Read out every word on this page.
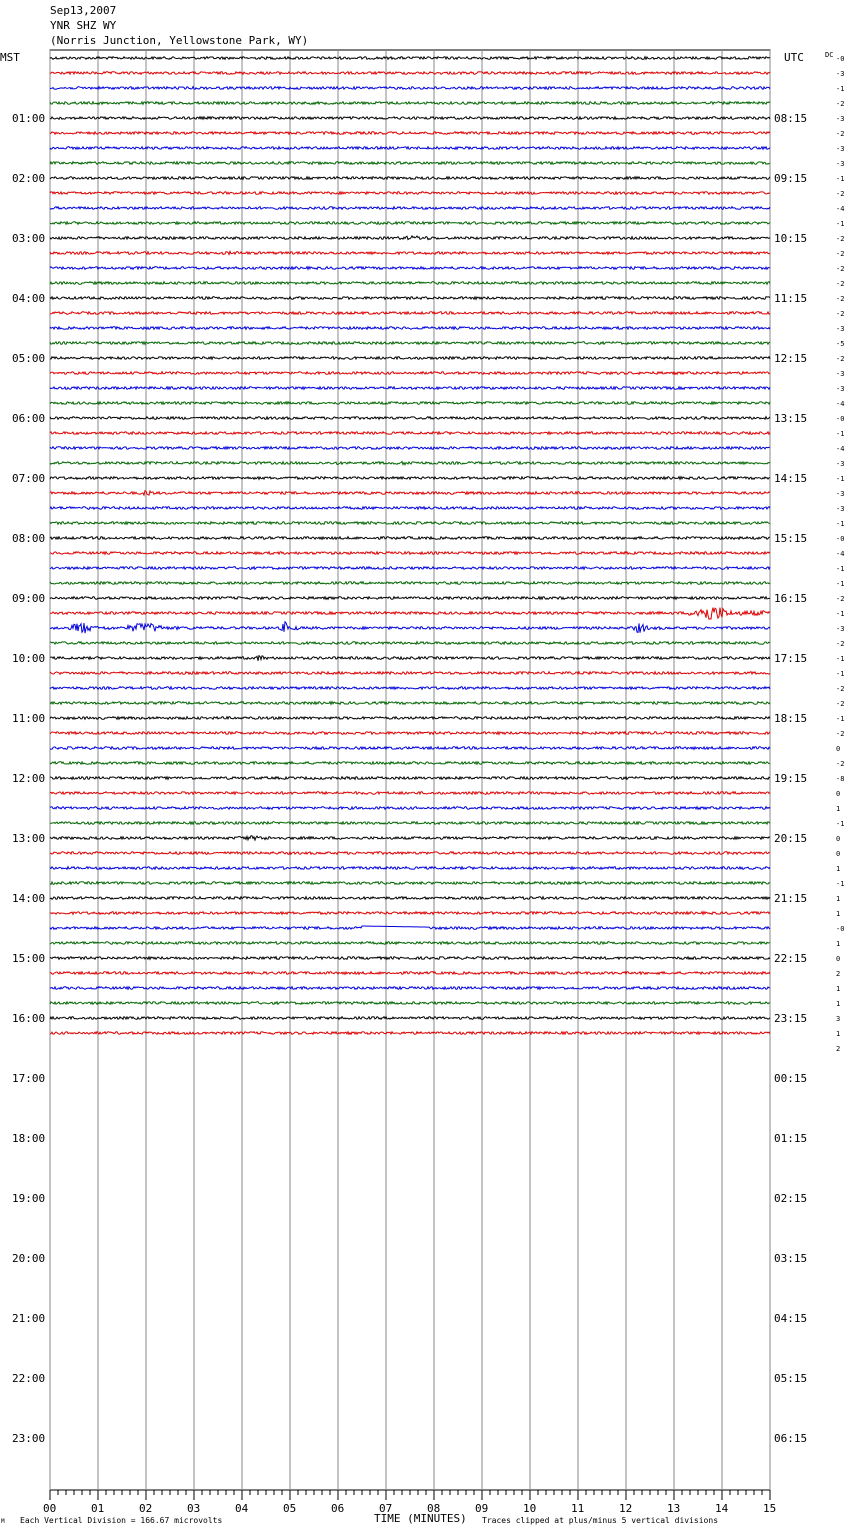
Sep13,2007
YNR SHZ WY
(Norris Junction, Yellowstone Park, WY)
00	01	02	03	04	05	06	07	08	09	10	11	12	13	14	15
01:00
02:00
03:00
04:00
05:00
06:00
07:00
08:00
09:00
10:00
11:00
12:00
13:00
14:00
15:00
16:00
17:00
18:00
19:00
20:00
21:00
22:00
23:00
08:15
09:15
10:15
11:15
12:15
13:15
14:15
15:15
16:15
17:15
18:15
19:15
20:15
21:15
22:15
23:15
00:15
01:15
02:15
03:15
04:15
05:15
06:15
-0
-3
-1
-2
-3
-2
-3
-3
-1
-2
-4
-1
-2
-2
-2
-2
-2
-2
-3
-5
-2
-3
-3
-4
-0
-1
-4
-3
-1
-3
-3
-1
-0
-4
-1
-1
-2
-1
-3
-2
-1
-1
-2
-2
-1
-2
0
-2
-8
0
1
-1
0
0
1
-1
1
1
-0
1
0
2
1
1
3
1
2
MST	UTC	DC
TIME (MINUTES)
M Each Vertical Division = 166.67 microvolts	Traces clipped at plus/minus 5 vertical divisions
